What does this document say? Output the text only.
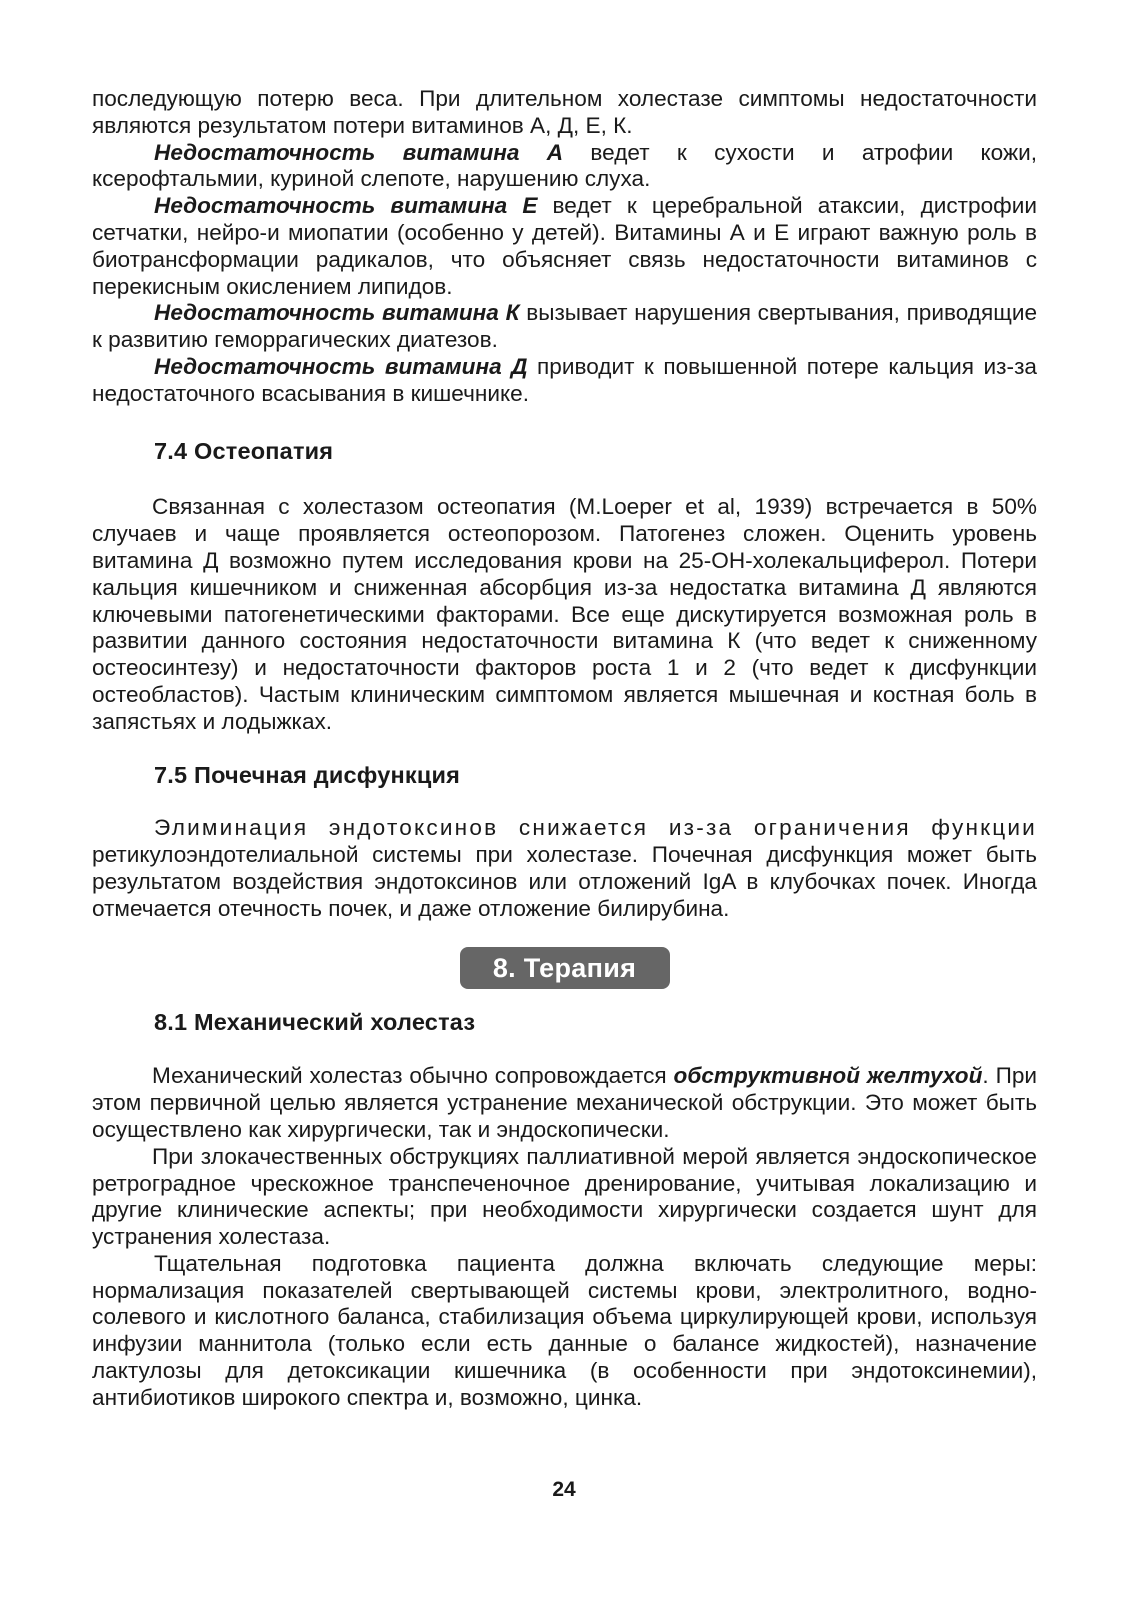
последующую потерю веса. При длительном холестазе симптомы недостаточности являются результатом потери витаминов А, Д, Е, К.

Недостаточность витамина А ведет к сухости и атрофии кожи, ксерофтальмии, куриной слепоте, нарушению слуха.

Недостаточность витамина Е ведет к церебральной атаксии, дистрофии сетчатки, нейро-и миопатии (особенно у детей). Витамины А и Е играют важную роль в биотрансформации радикалов, что объясняет связь недостаточности витаминов с перекисным окислением липидов.

Недостаточность витамина К вызывает нарушения свертывания, приводящие к развитию геморрагических диатезов.

Недостаточность витамина Д приводит к повышенной потере кальция из-за недостаточного всасывания в кишечнике.

7.4 Остеопатия

Связанная с холестазом остеопатия (M.Loeper et al, 1939) встречается в 50% случаев и чаще проявляется остеопорозом. Патогенез сложен. Оценить уровень витамина Д возможно путем исследования крови на 25-ОН-холекальциферол. Потери кальция кишечником и сниженная абсорбция из-за недостатка витамина Д являются ключевыми патогенетическими факторами. Все еще дискутируется возможная роль в развитии данного состояния недостаточности витамина К (что ведет к сниженному остеосинтезу) и недостаточности факторов роста 1 и 2 (что ведет к дисфункции остеобластов). Частым клиническим симптомом является мышечная и костная боль в запястьях и лодыжках.

7.5 Почечная дисфункция

Элиминация эндотоксинов снижается из-за ограничения функции ретикулоэндотелиальной системы при холестазе. Почечная дисфункция может быть результатом воздействия эндотоксинов или отложений IgA в клубочках почек. Иногда отмечается отечность почек, и даже отложение билирубина.

8. Терапия
8.1 Механический холестаз

Механический холестаз обычно сопровождается обструктивной желтухой. При этом первичной целью является устранение механической обструкции. Это может быть осуществлено как хирургически, так и эндоскопически.

При злокачественных обструкциях паллиативной мерой является эндоскопическое ретроградное чрескожное транспеченочное дренирование, учитывая локализацию и другие клинические аспекты; при необходимости хирургически создается шунт для устранения холестаза.

Тщательная подготовка пациента должна включать следующие меры: нормализация показателей свертывающей системы крови, электролитного, водно-солевого и кислотного баланса, стабилизация объема циркулирующей крови, используя инфузии маннитола (только если есть данные о балансе жидкостей), назначение лактулозы для детоксикации кишечника (в особенности при эндотоксинемии), антибиотиков широкого спектра и, возможно, цинка.

24
